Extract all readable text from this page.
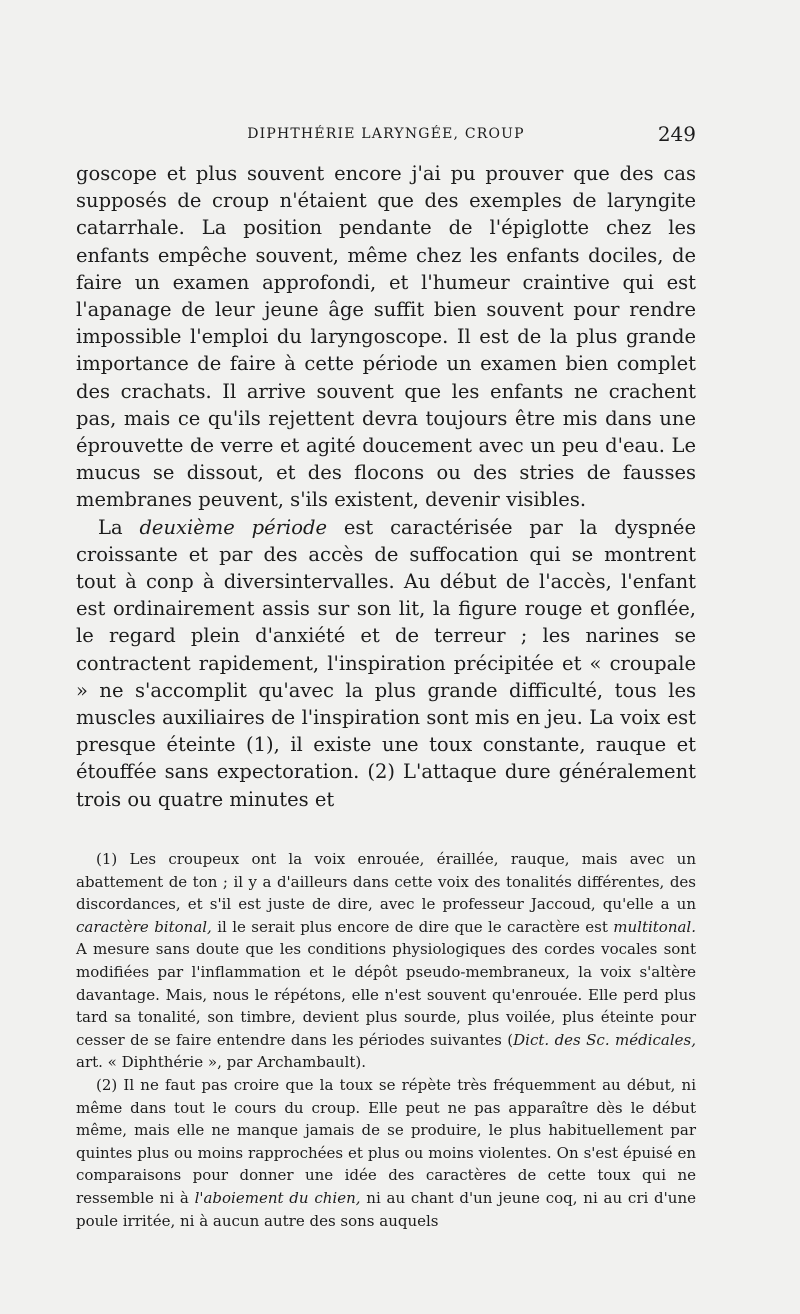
DIPHTHÉRIE LARYNGÉE, CROUP	249

goscope et plus souvent encore j'ai pu prouver que des cas supposés de croup n'étaient que des exemples de laryngite catarrhale. La position pendante de l'épiglotte chez les enfants empêche souvent, même chez les enfants dociles, de faire un examen approfondi, et l'humeur craintive qui est l'apanage de leur jeune âge suffit bien souvent pour rendre impossible l'emploi du laryngoscope. Il est de la plus grande importance de faire à cette période un examen bien complet des crachats. Il arrive souvent que les enfants ne crachent pas, mais ce qu'ils rejettent devra toujours être mis dans une éprouvette de verre et agité doucement avec un peu d'eau. Le mucus se dissout, et des flocons ou des stries de fausses membranes peuvent, s'ils existent, devenir visibles.

La deuxième période est caractérisée par la dyspnée croissante et par des accès de suffocation qui se montrent tout à conp à diversintervalles. Au début de l'accès, l'enfant est ordinairement assis sur son lit, la figure rouge et gonflée, le regard plein d'anxiété et de terreur ; les narines se contractent rapidement, l'inspiration précipitée et « croupale » ne s'accomplit qu'avec la plus grande difficulté, tous les muscles auxiliaires de l'inspiration sont mis en jeu. La voix est presque éteinte (1), il existe une toux constante, rauque et étouffée sans expectoration. (2) L'attaque dure généralement trois ou quatre minutes et

(1) Les croupeux ont la voix enrouée, éraillée, rauque, mais avec un abattement de ton ; il y a d'ailleurs dans cette voix des tonalités différentes, des discordances, et s'il est juste de dire, avec le professeur Jaccoud, qu'elle a un caractère bitonal, il le serait plus encore de dire que le caractère est multitonal. A mesure sans doute que les conditions physiologiques des cordes vocales sont modifiées par l'inflammation et le dépôt pseudo-membraneux, la voix s'altère davantage. Mais, nous le répétons, elle n'est souvent qu'enrouée. Elle perd plus tard sa tonalité, son timbre, devient plus sourde, plus voilée, plus éteinte pour cesser de se faire entendre dans les périodes suivantes (Dict. des Sc. médicales, art. « Diphthérie », par Archambault).

(2) Il ne faut pas croire que la toux se répète très fréquemment au début, ni même dans tout le cours du croup. Elle peut ne pas apparaître dès le début même, mais elle ne manque jamais de se produire, le plus habituellement par quintes plus ou moins rapprochées et plus ou moins violentes. On s'est épuisé en comparaisons pour donner une idée des caractères de cette toux qui ne ressemble ni à l'aboiement du chien, ni au chant d'un jeune coq, ni au cri d'une poule irritée, ni à aucun autre des sons auquels
